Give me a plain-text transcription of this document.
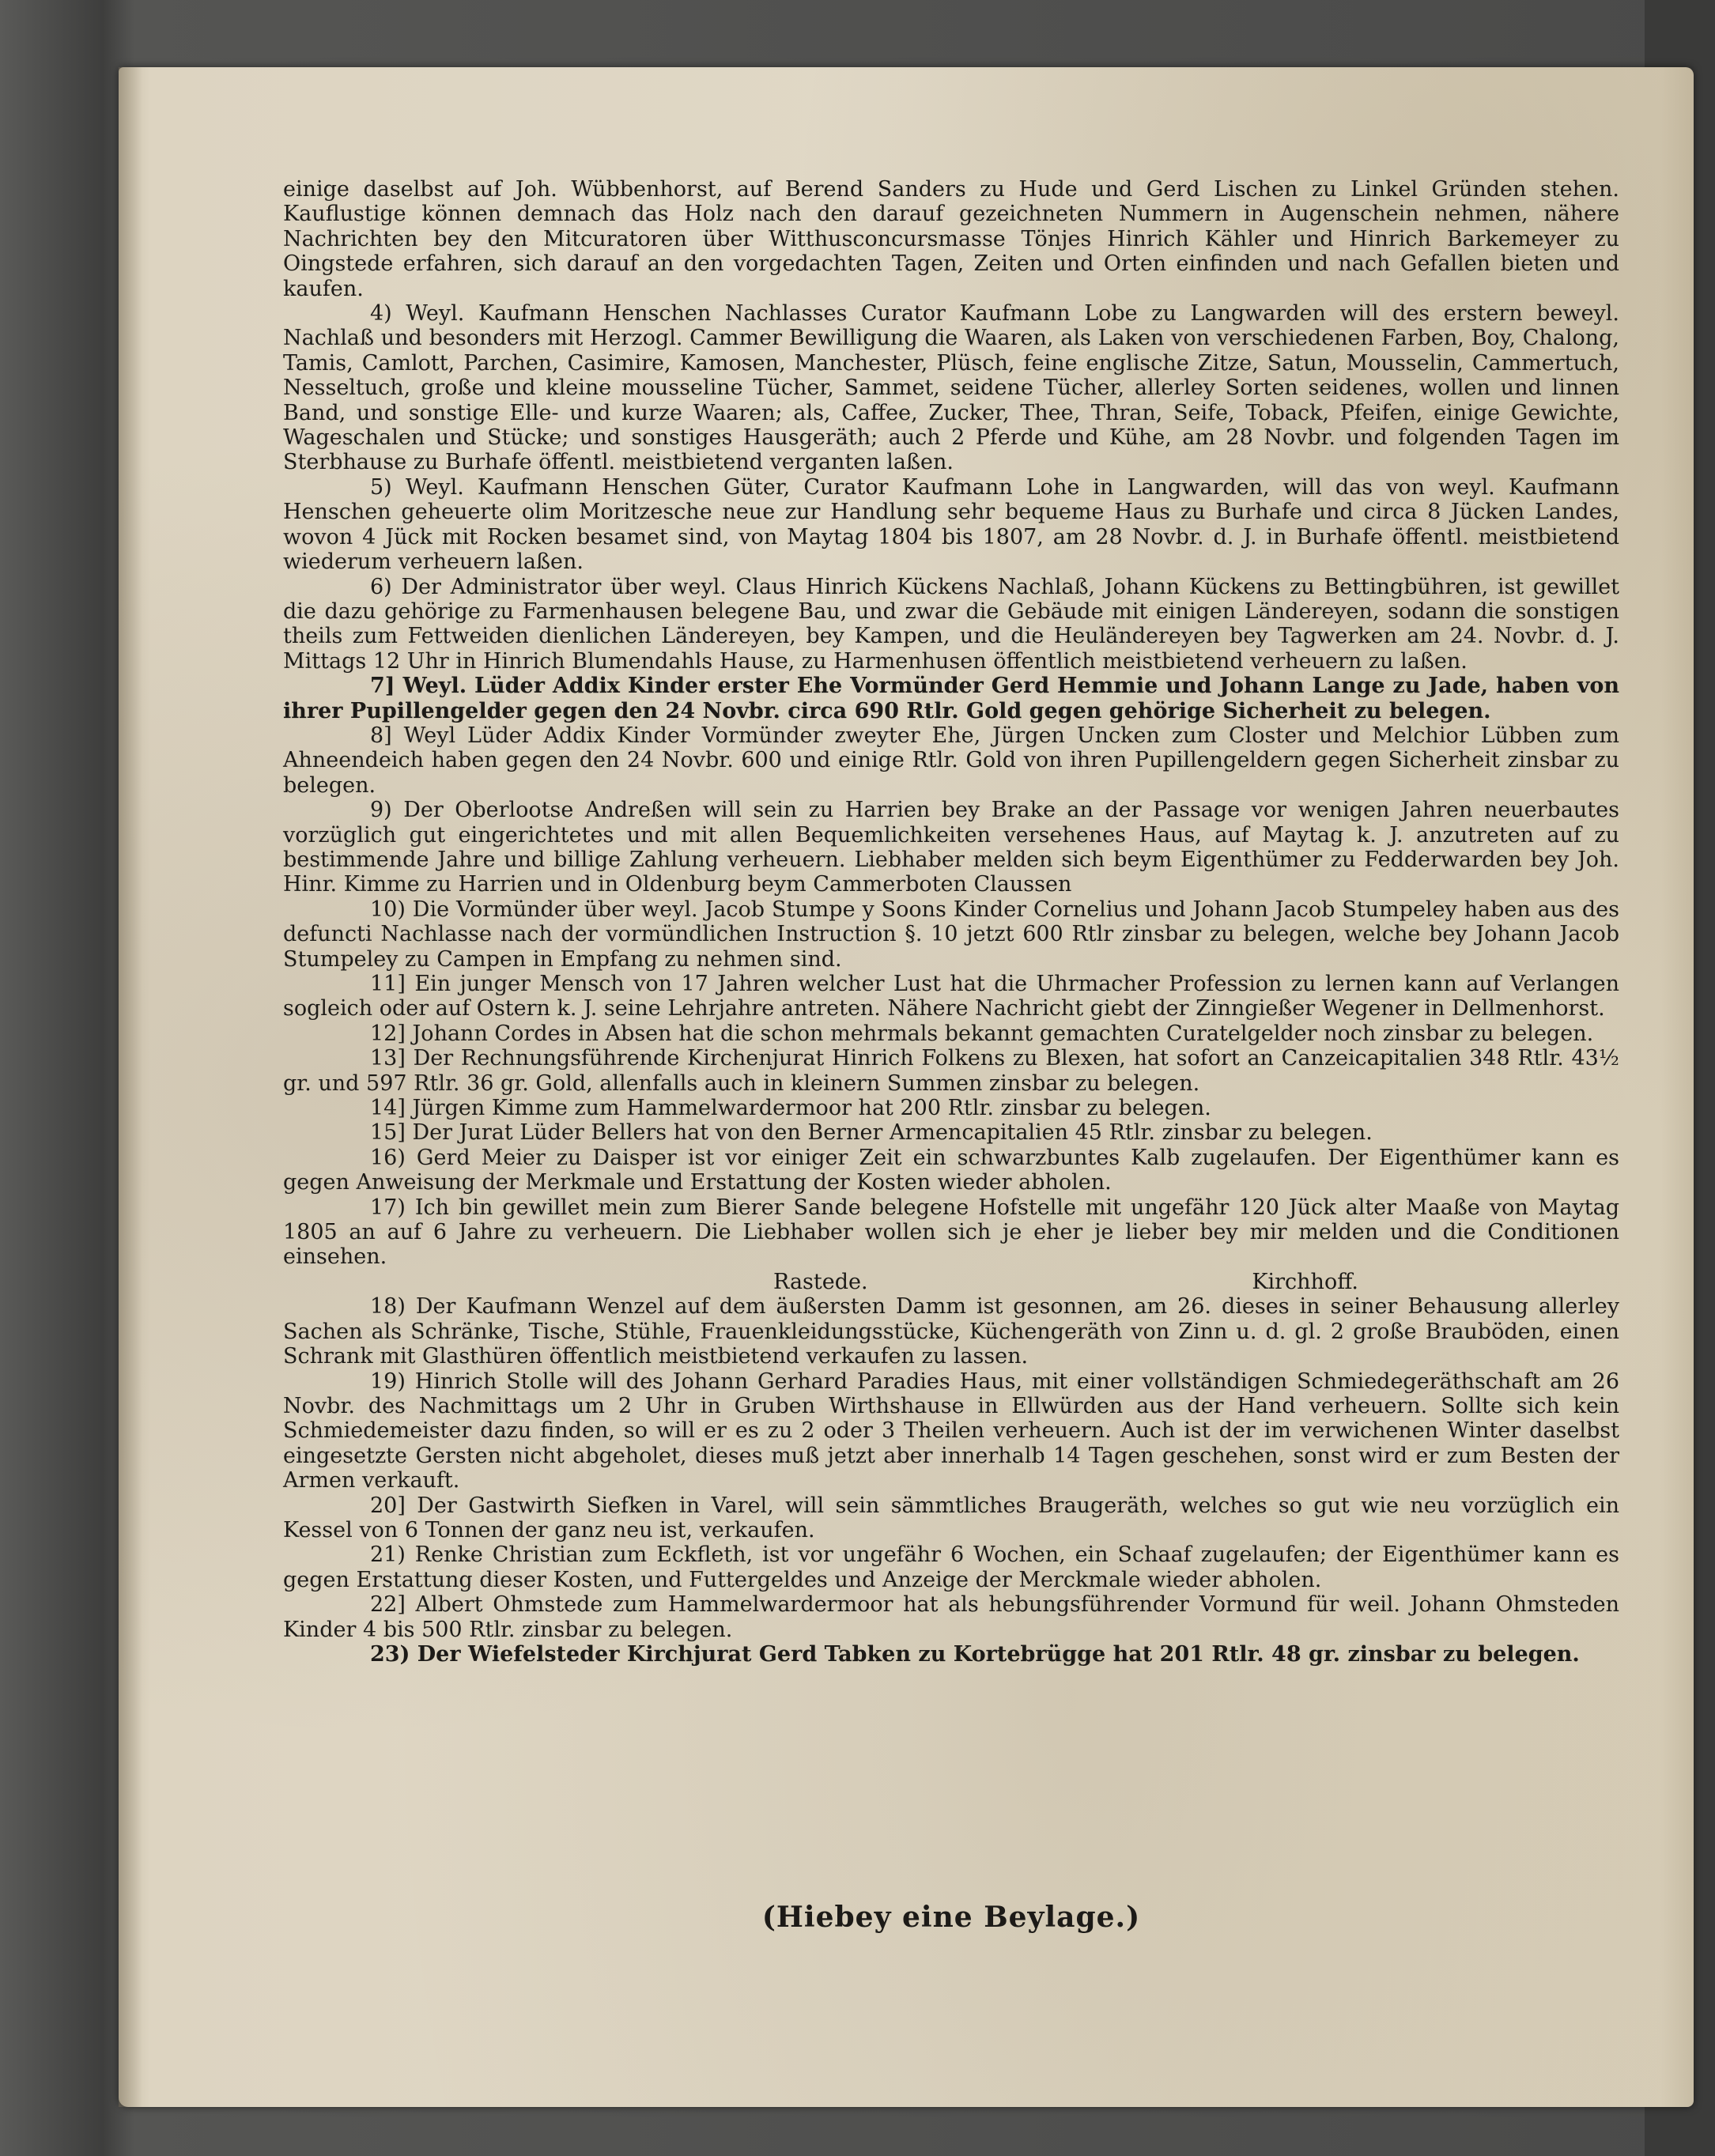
einige daselbst auf Joh. Wübbenhorst, auf Berend Sanders zu Hude und Gerd Lischen zu Linkel Gründen stehen. Kauflustige können demnach das Holz nach den darauf gezeichneten Nummern in Augenschein nehmen, nähere Nachrichten bey den Mitcuratoren über Witthusconcursmasse Tönjes Hinrich Kähler und Hinrich Barkemeyer zu Oingstede erfahren, sich darauf an den vorgedachten Tagen, Zeiten und Orten einfinden und nach Gefallen bieten und kaufen.

4) Weyl. Kaufmann Henschen Nachlasses Curator Kaufmann Lobe zu Langwarden will des erstern beweyl. Nachlaß und besonders mit Herzogl. Cammer Bewilligung die Waaren, als Laken von verschiedenen Farben, Boy, Chalong, Tamis, Camlott, Parchen, Casimire, Kamosen, Manchester, Plüsch, feine englische Zitze, Satun, Mousselin, Cammertuch, Nesseltuch, große und kleine mousseline Tücher, Sammet, seidene Tücher, allerley Sorten seidenes, wollen und linnen Band, und sonstige Elle- und kurze Waaren; als, Caffee, Zucker, Thee, Thran, Seife, Toback, Pfeifen, einige Gewichte, Wageschalen und Stücke; und sonstiges Hausgeräth; auch 2 Pferde und Kühe, am 28 Novbr. und folgenden Tagen im Sterbhause zu Burhafe öffentl. meistbietend verganten laßen.

5) Weyl. Kaufmann Henschen Güter, Curator Kaufmann Lohe in Langwarden, will das von weyl. Kaufmann Henschen geheuerte olim Moritzesche neue zur Handlung sehr bequeme Haus zu Burhafe und circa 8 Jücken Landes, wovon 4 Jück mit Rocken besamet sind, von Maytag 1804 bis 1807, am 28 Novbr. d. J. in Burhafe öffentl. meistbietend wiederum verheuern laßen.

6) Der Administrator über weyl. Claus Hinrich Kückens Nachlaß, Johann Kückens zu Bettingbühren, ist gewillet die dazu gehörige zu Farmenhausen belegene Bau, und zwar die Gebäude mit einigen Ländereyen, sodann die sonstigen theils zum Fettweiden dienlichen Ländereyen, bey Kampen, und die Heuländereyen bey Tagwerken am 24. Novbr. d. J. Mittags 12 Uhr in Hinrich Blumendahls Hause, zu Harmenhusen öffentlich meistbietend verheuern zu laßen.

7] Weyl. Lüder Addix Kinder erster Ehe Vormünder Gerd Hemmie und Johann Lange zu Jade, haben von ihrer Pupillengelder gegen den 24 Novbr. circa 690 Rtlr. Gold gegen gehörige Sicherheit zu belegen.

8] Weyl Lüder Addix Kinder Vormünder zweyter Ehe, Jürgen Uncken zum Closter und Melchior Lübben zum Ahneendeich haben gegen den 24 Novbr. 600 und einige Rtlr. Gold von ihren Pupillengeldern gegen Sicherheit zinsbar zu belegen.

9) Der Oberlootse Andreßen will sein zu Harrien bey Brake an der Passage vor wenigen Jahren neuerbautes vorzüglich gut eingerichtetes und mit allen Bequemlichkeiten versehenes Haus, auf Maytag k. J. anzutreten auf zu bestimmende Jahre und billige Zahlung verheuern. Liebhaber melden sich beym Eigenthümer zu Fedderwarden bey Joh. Hinr. Kimme zu Harrien und in Oldenburg beym Cammerboten Claussen

10) Die Vormünder über weyl. Jacob Stumpe y Soons Kinder Cornelius und Johann Jacob Stumpeley haben aus des defuncti Nachlasse nach der vormündlichen Instruction §. 10 jetzt 600 Rtlr zinsbar zu belegen, welche bey Johann Jacob Stumpeley zu Campen in Empfang zu nehmen sind.

11] Ein junger Mensch von 17 Jahren welcher Lust hat die Uhrmacher Profession zu lernen kann auf Verlangen sogleich oder auf Ostern k. J. seine Lehrjahre antreten. Nähere Nachricht giebt der Zinngießer Wegener in Dellmenhorst.

12] Johann Cordes in Absen hat die schon mehrmals bekannt gemachten Curatelgelder noch zinsbar zu belegen.

13] Der Rechnungsführende Kirchenjurat Hinrich Folkens zu Blexen, hat sofort an Canzeicapitalien 348 Rtlr. 43½ gr. und 597 Rtlr. 36 gr. Gold, allenfalls auch in kleinern Summen zinsbar zu belegen.

14] Jürgen Kimme zum Hammelwardermoor hat 200 Rtlr. zinsbar zu belegen.

15] Der Jurat Lüder Bellers hat von den Berner Armencapitalien 45 Rtlr. zinsbar zu belegen.

16) Gerd Meier zu Daisper ist vor einiger Zeit ein schwarzbuntes Kalb zugelaufen. Der Eigenthümer kann es gegen Anweisung der Merkmale und Erstattung der Kosten wieder abholen.

17) Ich bin gewillet mein zum Bierer Sande belegene Hofstelle mit ungefähr 120 Jück alter Maaße von Maytag 1805 an auf 6 Jahre zu verheuern. Die Liebhaber wollen sich je eher je lieber bey mir melden und die Conditionen einsehen.

Rastede.	Kirchhoff.

18) Der Kaufmann Wenzel auf dem äußersten Damm ist gesonnen, am 26. dieses in seiner Behausung allerley Sachen als Schränke, Tische, Stühle, Frauenkleidungsstücke, Küchengeräth von Zinn u. d. gl. 2 große Brauböden, einen Schrank mit Glasthüren öffentlich meistbietend verkaufen zu lassen.

19) Hinrich Stolle will des Johann Gerhard Paradies Haus, mit einer vollständigen Schmiedegeräthschaft am 26 Novbr. des Nachmittags um 2 Uhr in Gruben Wirthshause in Ellwürden aus der Hand verheuern. Sollte sich kein Schmiedemeister dazu finden, so will er es zu 2 oder 3 Theilen verheuern. Auch ist der im verwichenen Winter daselbst eingesetzte Gersten nicht abgeholet, dieses muß jetzt aber innerhalb 14 Tagen geschehen, sonst wird er zum Besten der Armen verkauft.

20] Der Gastwirth Siefken in Varel, will sein sämmtliches Braugeräth, welches so gut wie neu vorzüglich ein Kessel von 6 Tonnen der ganz neu ist, verkaufen.

21) Renke Christian zum Eckfleth, ist vor ungefähr 6 Wochen, ein Schaaf zugelaufen; der Eigenthümer kann es gegen Erstattung dieser Kosten, und Futtergeldes und Anzeige der Merckmale wieder abholen.

22] Albert Ohmstede zum Hammelwardermoor hat als hebungsführender Vormund für weil. Johann Ohmsteden Kinder 4 bis 500 Rtlr. zinsbar zu belegen.

23) Der Wiefelsteder Kirchjurat Gerd Tabken zu Kortebrügge hat 201 Rtlr. 48 gr. zinsbar zu belegen.

(Hiebey eine Beylage.)
